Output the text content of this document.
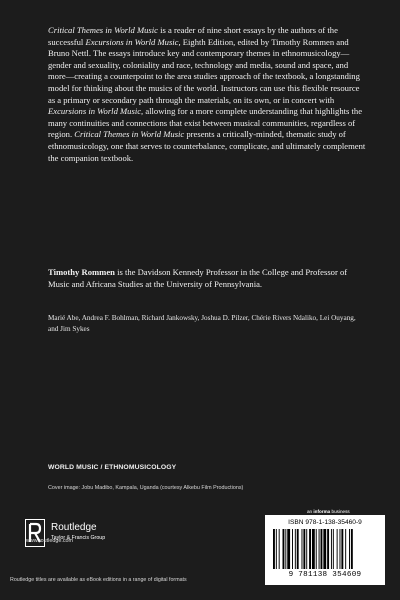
Critical Themes in World Music is a reader of nine short essays by the authors of the successful Excursions in World Music, Eighth Edition, edited by Timothy Rommen and Bruno Nettl. The essays introduce key and contemporary themes in ethnomusicology—gender and sexuality, coloniality and race, technology and media, sound and space, and more—creating a counterpoint to the area studies approach of the textbook, a longstanding model for thinking about the musics of the world. Instructors can use this flexible resource as a primary or secondary path through the materials, on its own, or in concert with Excursions in World Music, allowing for a more complete understanding that highlights the many continuities and connections that exist between musical communities, regardless of region. Critical Themes in World Music presents a critically-minded, thematic study of ethnomusicology, one that serves to counterbalance, complicate, and ultimately complement the companion textbook.

Timothy Rommen is the Davidson Kennedy Professor in the College and Professor of Music and Africana Studies at the University of Pennsylvania.

Marié Abe, Andrea F. Bohlman, Richard Jankowsky, Joshua D. Pilzer, Chérie Rivers Ndaliko, Lei Ouyang, and Jim Sykes

WORLD MUSIC / ETHNOMUSICOLOGY

Cover image: Jobu Madibo, Kampala, Uganda (courtesy Alkebu Film Productions)

Routledge
Taylor & Francis Group
www.routledge.com
an informa business

ISBN 978-1-138-35460-9

9 781138 354609

Routledge titles are available as eBook editions in a range of digital formats
